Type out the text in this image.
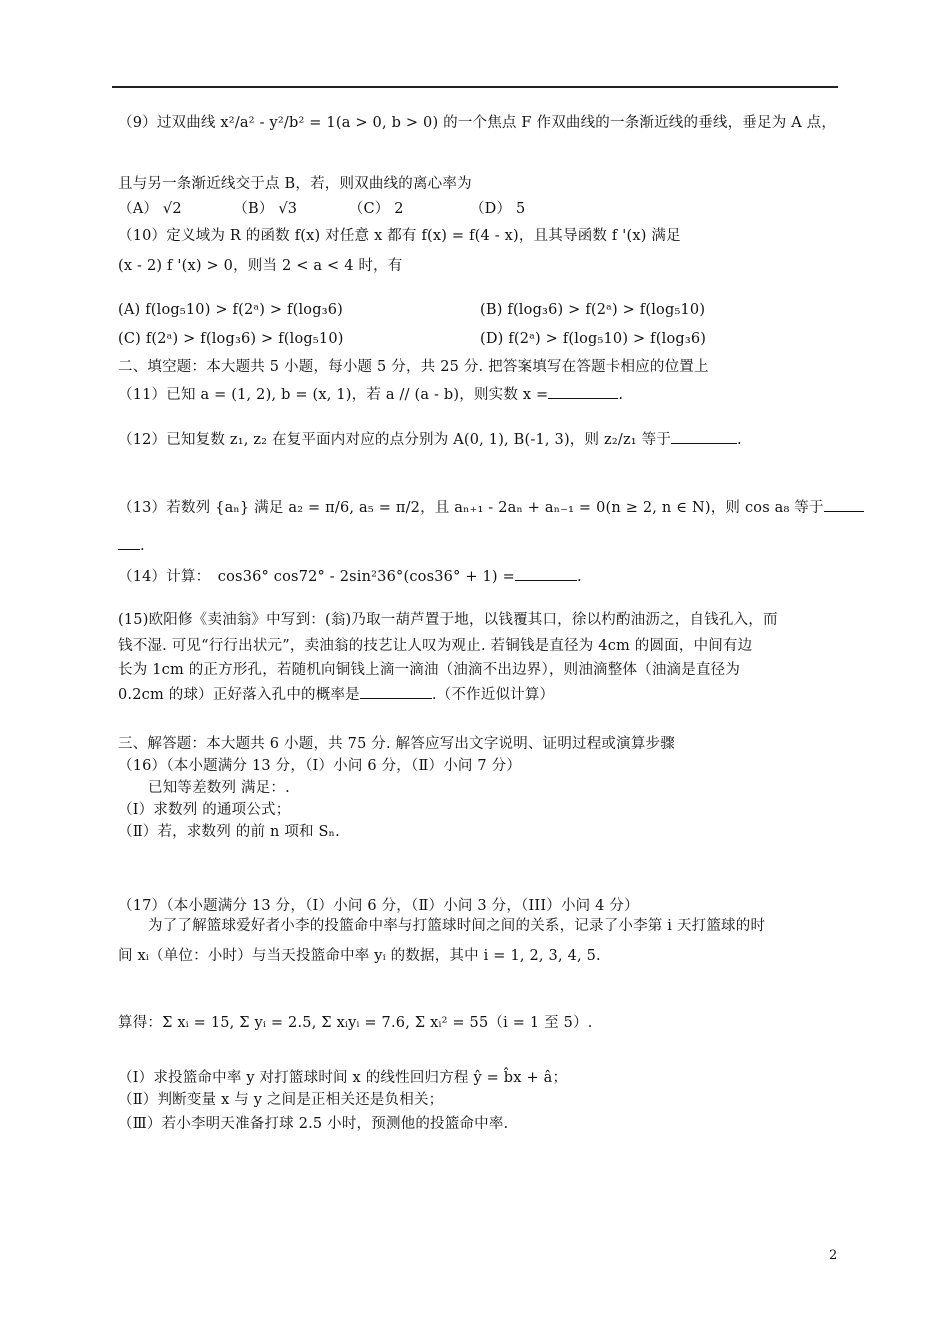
（9）过双曲线 x²/a² - y²/b² = 1(a > 0, b > 0) 的一个焦点 F 作双曲线的一条渐近线的垂线，垂足为 A 点，
且与另一条渐近线交于点 B，若，则双曲线的离心率为
（A） √2　　　　（B） √3　　　　（C） 2　　　　　（D） 5
（10）定义域为 R 的函数 f(x) 对任意 x 都有 f(x) = f(4 - x)，且其导函数 f '(x) 满足
(x - 2) f '(x) > 0，则当 2 < a < 4 时，有
(A) f(log₅10) > f(2ᵃ) > f(log₃6)	(B) f(log₃6) > f(2ᵃ) > f(log₅10)
(C) f(2ᵃ) > f(log₃6) > f(log₅10)	(D) f(2ᵃ) > f(log₅10) > f(log₃6)
二、填空题：本大题共 5 小题，每小题 5 分，共 25 分. 把答案填写在答题卡相应的位置上
（11）已知 a = (1, 2), b = (x, 1)，若 a // (a - b)，则实数 x =	.
（12）已知复数 z₁, z₂ 在复平面内对应的点分别为 A(0, 1), B(-1, 3)，则 z₂/z₁ 等于	.
（13）若数列 {aₙ} 满足 a₂ = π/6, a₅ = π/2，且 aₙ₊₁ - 2aₙ + aₙ₋₁ = 0(n ≥ 2, n ∈ N)，则 cos a₈ 等于
.
（14）计算：　cos36° cos72° - 2sin²36°(cos36° + 1) =	.
(15)欧阳修《卖油翁》中写到：(翁)乃取一葫芦置于地，以钱覆其口，徐以杓酌油沥之，自钱孔入，而
钱不湿. 可见“行行出状元”，卖油翁的技艺让人叹为观止. 若铜钱是直径为 4cm 的圆面，中间有边
长为 1cm 的正方形孔，若随机向铜钱上滴一滴油（油滴不出边界），则油滴整体（油滴是直径为
0.2cm 的球）正好落入孔中的概率是	.（不作近似计算）
三、解答题：本大题共 6 小题，共 75 分. 解答应写出文字说明、证明过程或演算步骤
（16）（本小题满分 13 分，（Ⅰ）小问 6 分，（Ⅱ）小问 7 分）
已知等差数列 满足：.
（Ⅰ）求数列 的通项公式；
（Ⅱ）若，求数列 的前 n 项和 Sₙ.
（17）（本小题满分 13 分，（Ⅰ）小问 6 分，（Ⅱ）小问 3 分，（III）小问 4 分）
为了了解篮球爱好者小李的投篮命中率与打篮球时间之间的关系，记录了小李第 i 天打篮球的时
间 xᵢ（单位：小时）与当天投篮命中率 yᵢ 的数据，其中 i = 1, 2, 3, 4, 5.
算得：Σ xᵢ = 15, Σ yᵢ = 2.5, Σ xᵢyᵢ = 7.6, Σ xᵢ² = 55（i = 1 至 5）.
（Ⅰ）求投篮命中率 y 对打篮球时间 x 的线性回归方程 ŷ = b̂x + â；
（Ⅱ）判断变量 x 与 y 之间是正相关还是负相关；
（Ⅲ）若小李明天准备打球 2.5 小时，预测他的投篮命中率.
2
